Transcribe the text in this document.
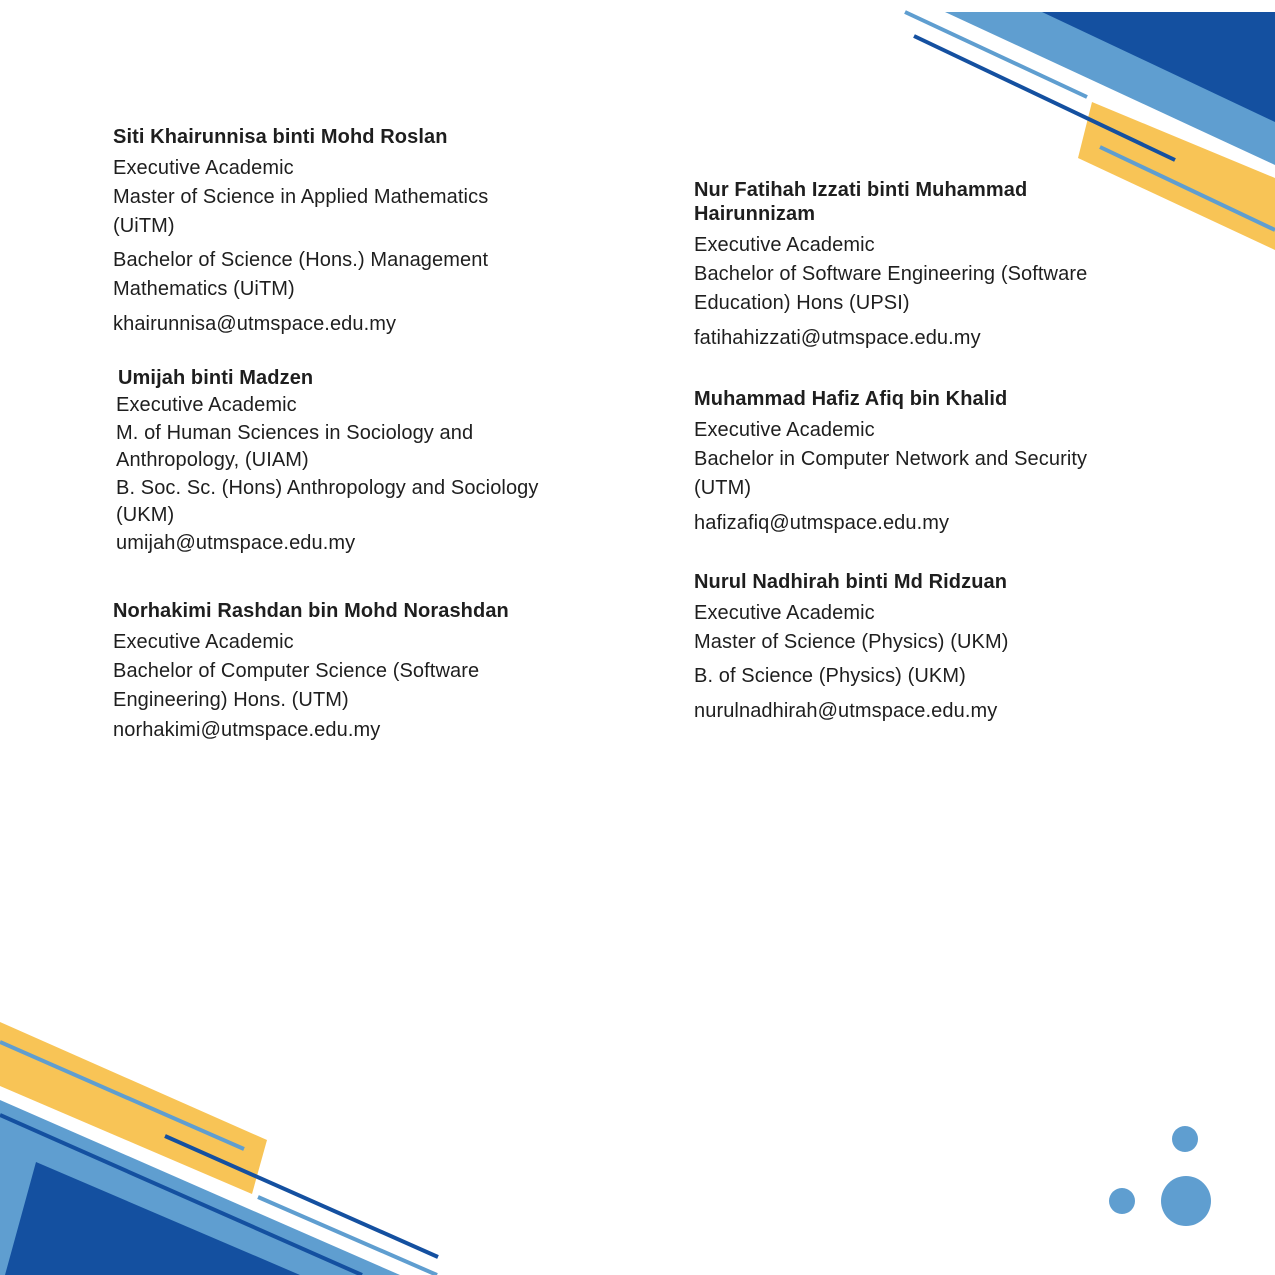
Siti Khairunnisa binti Mohd Roslan
Executive Academic
Master of Science in Applied Mathematics (UiTM)
Bachelor of Science (Hons.) Management Mathematics (UiTM)
khairunnisa@utmspace.edu.my
Umijah binti Madzen
Executive Academic
M. of Human Sciences in Sociology and Anthropology, (UIAM)
B. Soc. Sc. (Hons) Anthropology and Sociology (UKM)
umijah@utmspace.edu.my
Norhakimi Rashdan bin Mohd Norashdan
Executive Academic
Bachelor of Computer Science (Software Engineering) Hons. (UTM)
norhakimi@utmspace.edu.my
Nur Fatihah Izzati binti Muhammad Hairunnizam
Executive Academic
Bachelor of Software Engineering (Software Education) Hons (UPSI)
fatihahizzati@utmspace.edu.my
Muhammad Hafiz Afiq bin Khalid
Executive Academic
Bachelor in Computer Network and Security (UTM)
hafizafiq@utmspace.edu.my
Nurul Nadhirah binti Md Ridzuan
Executive Academic
Master of Science (Physics) (UKM)
B. of Science (Physics) (UKM)
nurulnadhirah@utmspace.edu.my
